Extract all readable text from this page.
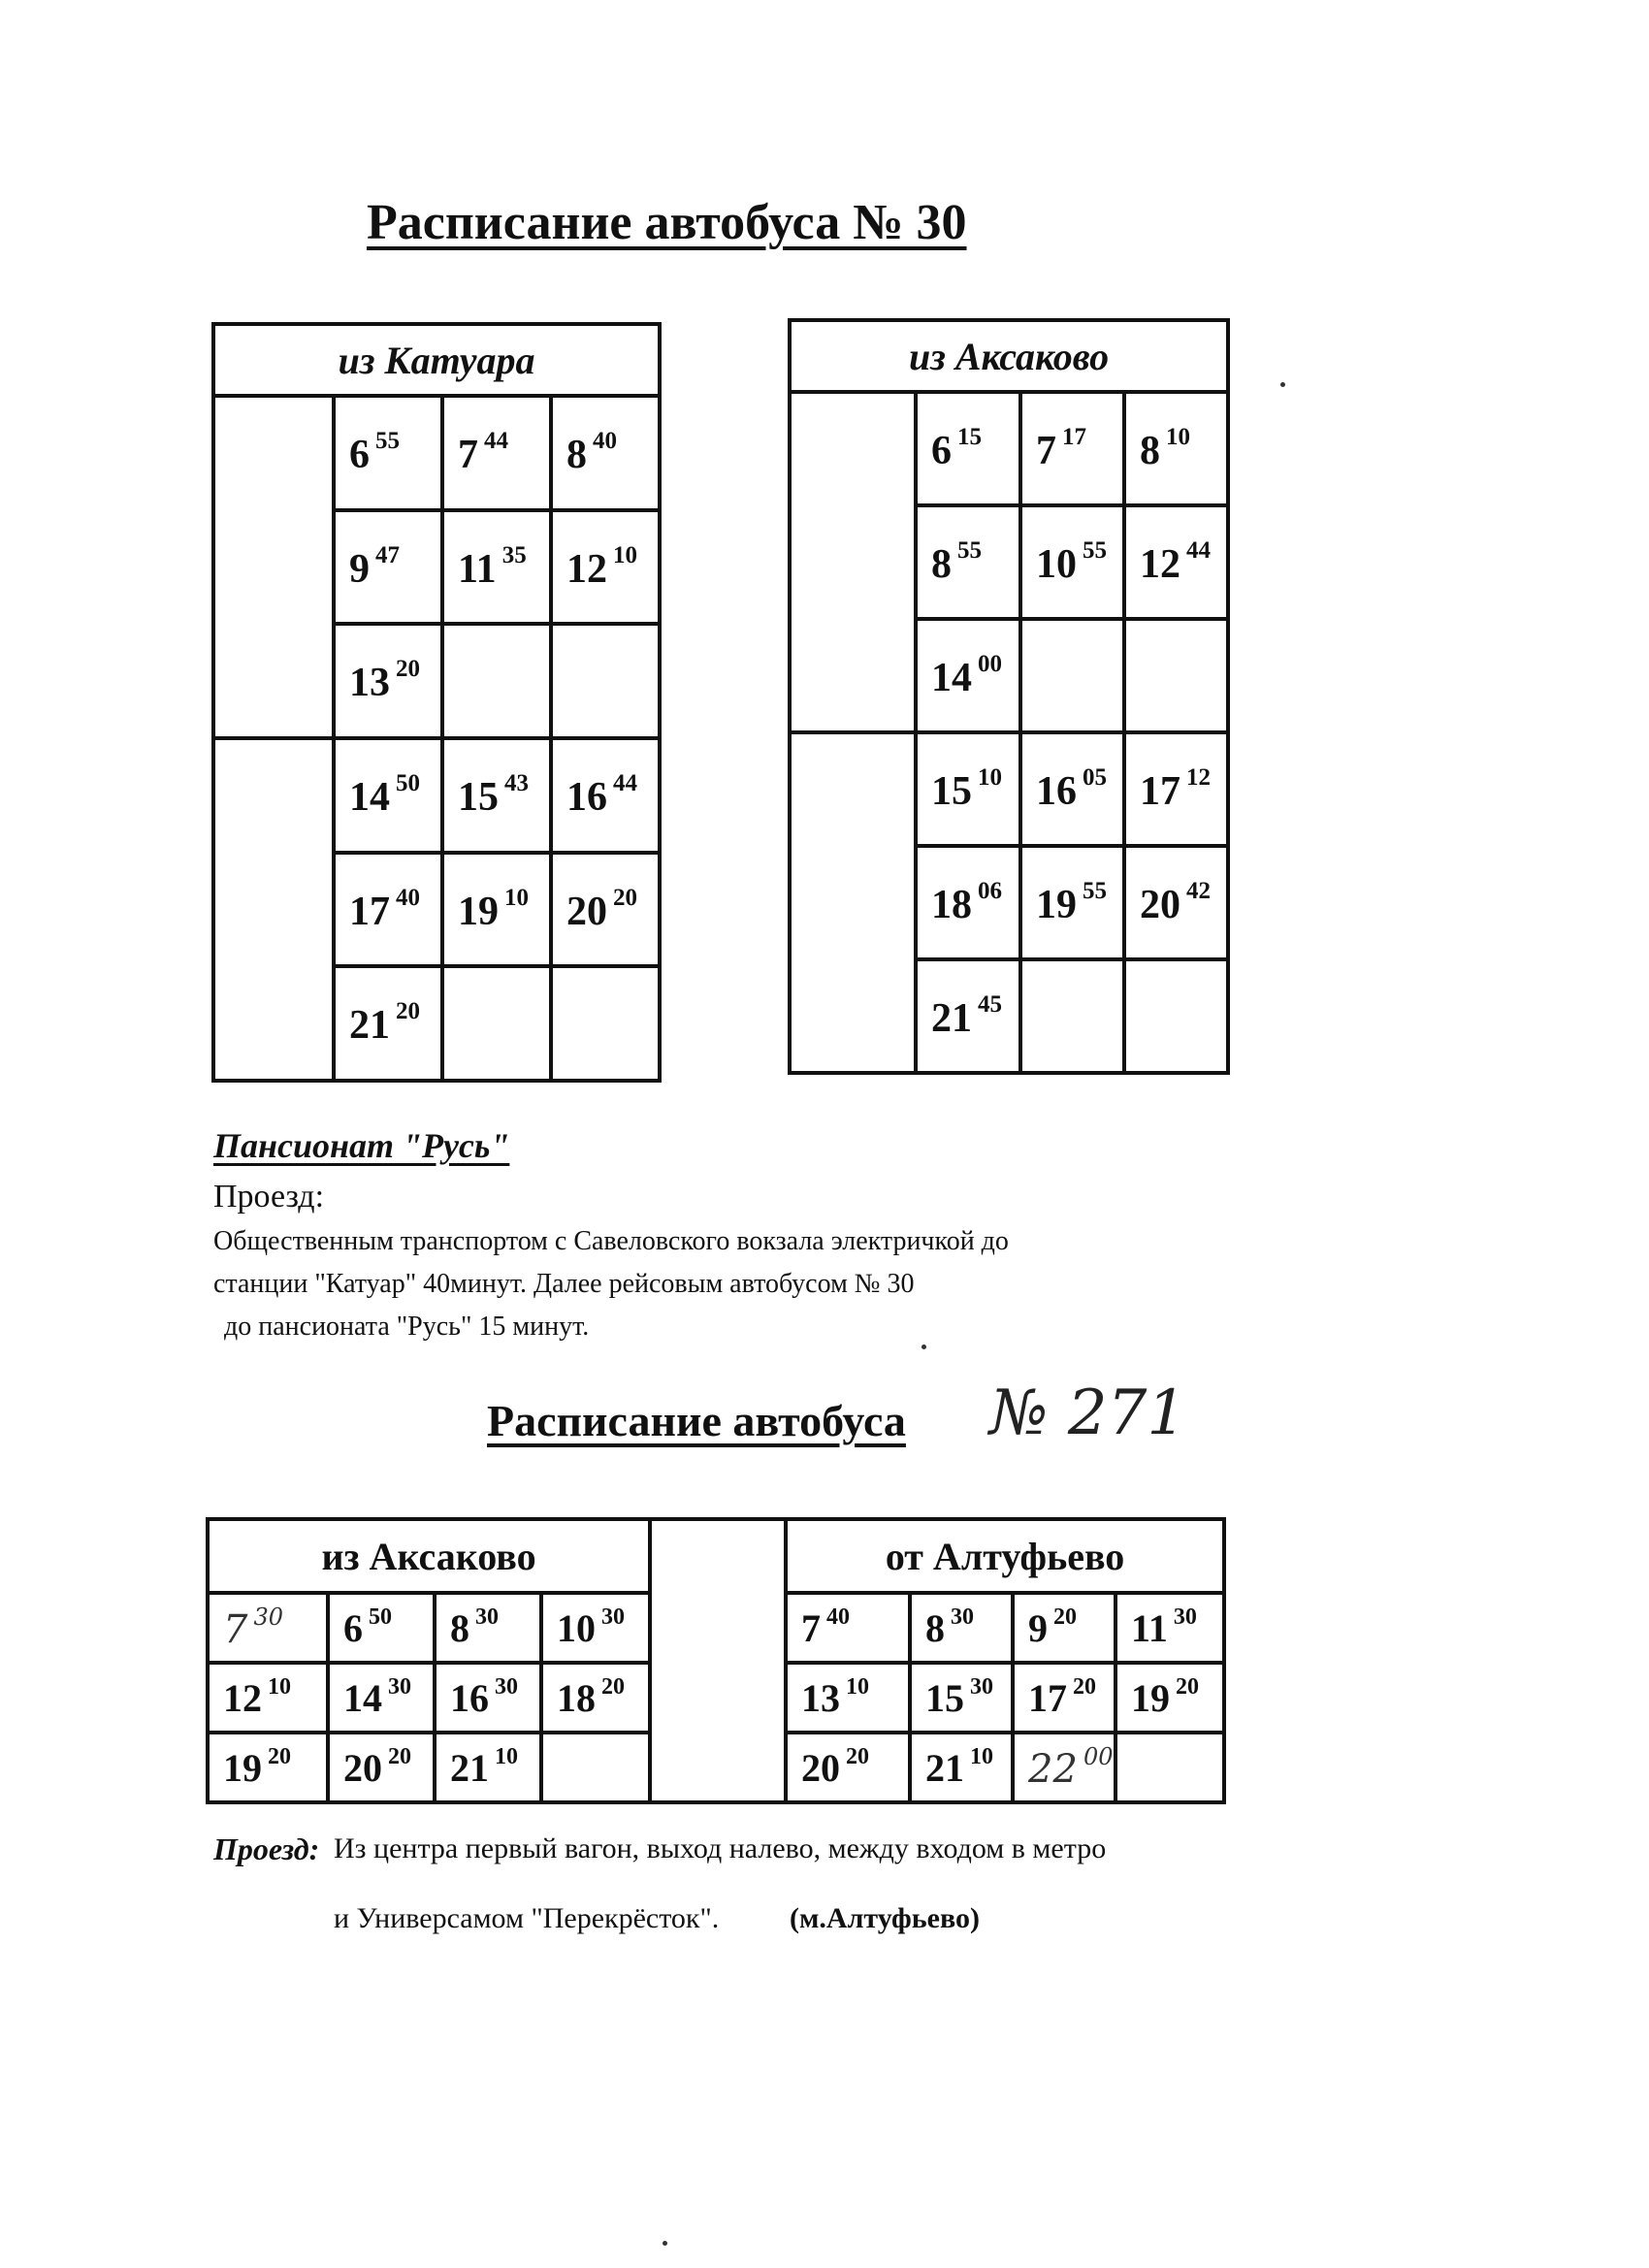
Расписание автобуса № 30
из Катуара			
	6 55	7 44	8 40
	9 47	11 35	12 10
	13 20		
	14 50	15 43	16 44
	17 40	19 10	20 20
	21 20		
из Аксаково			
	6 15	7 17	8 10
	8 55	10 55	12 44
	14 00		
	15 10	16 05	17 12
	18 06	19 55	20 42
	21 45		
Пансионат "Русь"
Проезд:
Общественным транспортом с Савеловского вокзала электричкой до
станции "Катуар" 40минут. Далее рейсовым автобусом № 30
до пансионата "Русь" 15 минут.
Расписание автобуса № 271
из Аксаково					от Алтуфьево			
7 30	6 50	8 30	10 30		7 40	8 30	9 20	11 30
12 10	14 30	16 30	18 20		13 10	15 30	17 20	19 20
19 20	20 20	21 10			20 20	21 10	22 00	
Проезд: Из центра первый вагон, выход налево, между входом в метро
и Универсамом "Перекрёсток". (м.Алтуфьево)
